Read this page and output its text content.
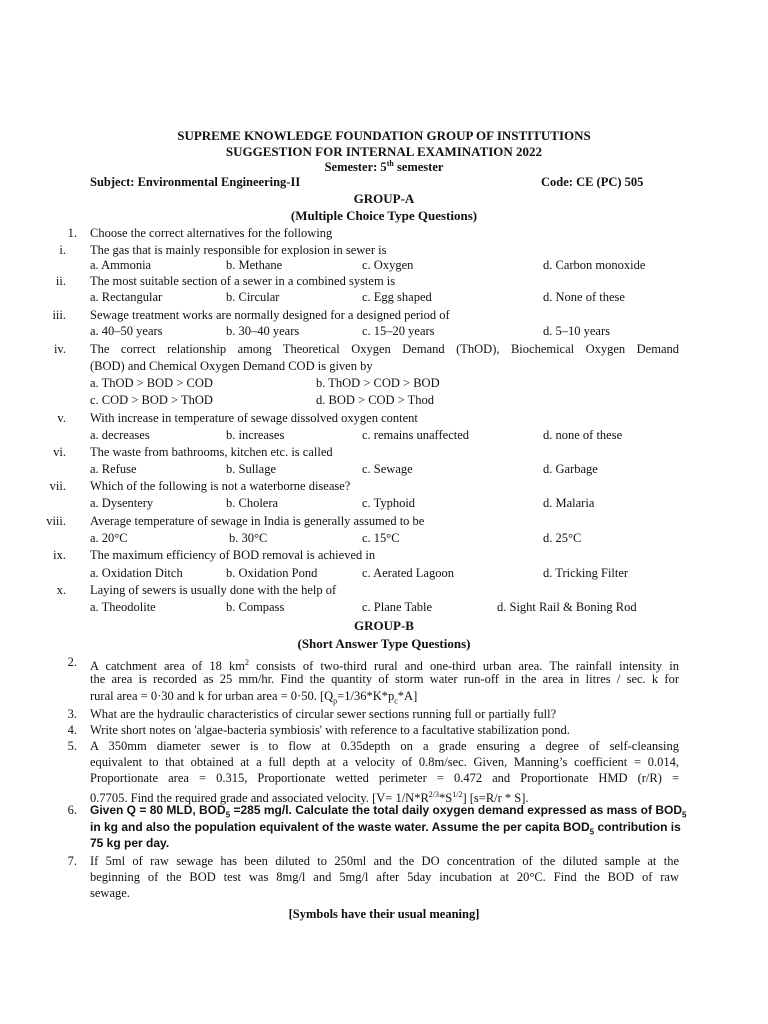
SUPREME KNOWLEDGE FOUNDATION GROUP OF INSTITUTIONS
SUGGESTION FOR INTERNAL EXAMINATION 2022
Semester: 5th semester
Subject: Environmental Engineering-II	Code: CE (PC) 505
GROUP-A
(Multiple Choice Type Questions)
1. Choose the correct alternatives for the following
i. The gas that is mainly responsible for explosion in sewer is
a. Ammonia	b. Methane	c. Oxygen	d. Carbon monoxide
ii. The most suitable section of a sewer in a combined system is
a. Rectangular	b. Circular	c. Egg shaped	d. None of these
iii. Sewage treatment works are normally designed for a designed period of
a. 40–50 years	b. 30–40 years	c. 15–20 years	d. 5–10 years
iv. The correct relationship among Theoretical Oxygen Demand (ThOD), Biochemical Oxygen Demand
(BOD) and Chemical Oxygen Demand COD is given by
a. ThOD > BOD > COD	b. ThOD > COD > BOD
c. COD > BOD > ThOD	d. BOD > COD > Thod
v. With increase in temperature of sewage dissolved oxygen content
a. decreases	b. increases	c. remains unaffected	d. none of these
vi. The waste from bathrooms, kitchen etc. is called
a. Refuse	b. Sullage	c. Sewage	d. Garbage
vii. Which of the following is not a waterborne disease?
a. Dysentery	b. Cholera	c. Typhoid	d. Malaria
viii. Average temperature of sewage in India is generally assumed to be
a. 20°C	b. 30°C	c. 15°C	d. 25°C
ix. The maximum efficiency of BOD removal is achieved in
a. Oxidation Ditch	b. Oxidation Pond	c. Aerated Lagoon	d. Tricking Filter
x. Laying of sewers is usually done with the help of
a. Theodolite	b. Compass	c. Plane Table	d. Sight Rail & Boning Rod
GROUP-B
(Short Answer Type Questions)
2. A catchment area of 18 $km^2$ consists of two-third rural and one-third urban area. The rainfall intensity in
the area is recorded as 25 mm/hr. Find the quantity of storm water run-off in the area in litres / sec. k for
rural area = 0·30 and k for urban area = 0·50. $[Q_p=1/36*K*p_c*A]$
3. What are the hydraulic characteristics of circular sewer sections running full or partially full?
4. Write short notes on 'algae-bacteria symbiosis' with reference to a facultative stabilization pond.
5. A 350mm diameter sewer is to flow at 0.35depth on a grade ensuring a degree of self-cleansing
equivalent to that obtained at a full depth at a velocity of 0.8m/sec. Given, Manning’s coefficient = 0.014,
Proportionate area = 0.315, Proportionate wetted perimeter = 0.472 and Proportionate HMD (r/R) =
0.7705. Find the required grade and associated velocity. $[V= 1/N*R^{2/3}*S^{1/2}]$ [s=R/r * S].
6. Given Q = 80 MLD, $BOD_5 =285$ mg/l. Calculate the total daily oxygen demand expressed as mass of $BOD_5$
in kg and also the population equivalent of the waste water. Assume the per capita $BOD_5$ contribution is
75 kg per day.
7. If 5ml of raw sewage has been diluted to 250ml and the DO concentration of the diluted sample at the
beginning of the BOD test was 8mg/l and 5mg/l after 5day incubation at 20°C. Find the BOD of raw
sewage.
[Symbols have their usual meaning]
